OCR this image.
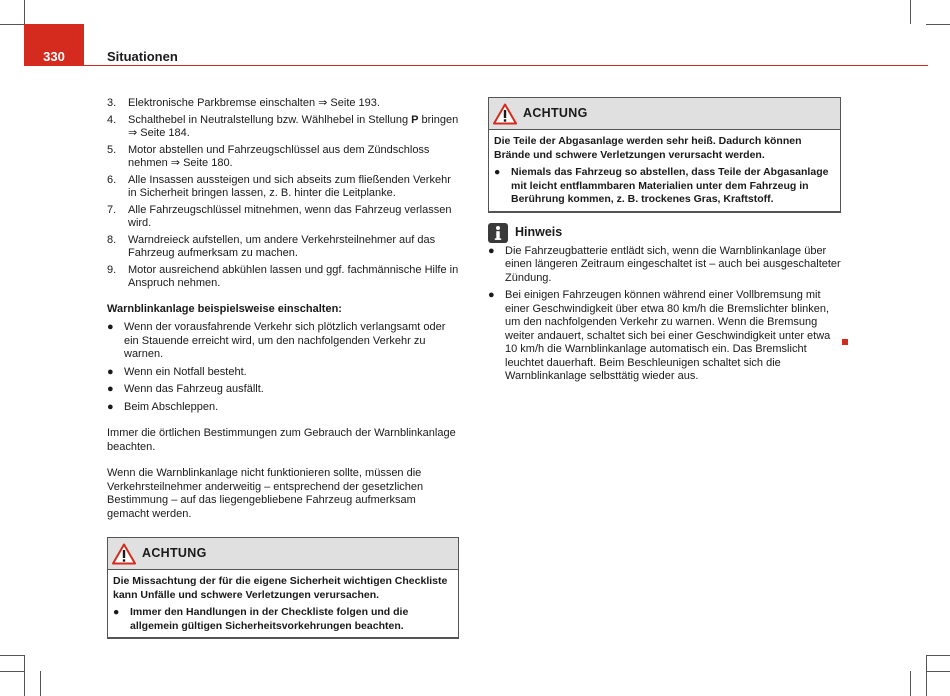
330	Situationen
3.	Elektronische Parkbremse einschalten ⇒ Seite 193.
4.	Schalthebel in Neutralstellung bzw. Wählhebel in Stellung P bringen ⇒ Seite 184.
5.	Motor abstellen und Fahrzeugschlüssel aus dem Zündschloss nehmen ⇒ Seite 180.
6.	Alle Insassen aussteigen und sich abseits zum fließenden Verkehr in Sicherheit bringen lassen, z. B. hinter die Leitplanke.
7.	Alle Fahrzeugschlüssel mitnehmen, wenn das Fahrzeug verlassen wird.
8.	Warndreieck aufstellen, um andere Verkehrsteilnehmer auf das Fahrzeug aufmerksam zu machen.
9.	Motor ausreichend abkühlen lassen und ggf. fachmännische Hilfe in Anspruch nehmen.
Warnblinkanlage beispielsweise einschalten:
● Wenn der vorausfahrende Verkehr sich plötzlich verlangsamt oder ein Stauende erreicht wird, um den nachfolgenden Verkehr zu warnen.
● Wenn ein Notfall besteht.
● Wenn das Fahrzeug ausfällt.
● Beim Abschleppen.
Immer die örtlichen Bestimmungen zum Gebrauch der Warnblinkanlage beachten.
Wenn die Warnblinkanlage nicht funktionieren sollte, müssen die Verkehrsteilnehmer anderweitig – entsprechend der gesetzlichen Bestimmung – auf das liegengebliebene Fahrzeug aufmerksam gemacht werden.
ACHTUNG
Die Missachtung der für die eigene Sicherheit wichtigen Checkliste kann Unfälle und schwere Verletzungen verursachen.
●	Immer den Handlungen in der Checkliste folgen und die allgemein gültigen Sicherheitsvorkehrungen beachten.
ACHTUNG
Die Teile der Abgasanlage werden sehr heiß. Dadurch können Brände und schwere Verletzungen verursacht werden.
●	Niemals das Fahrzeug so abstellen, dass Teile der Abgasanlage mit leicht entflammbaren Materialien unter dem Fahrzeug in Berührung kommen, z. B. trockenes Gras, Kraftstoff.
Hinweis
● Die Fahrzeugbatterie entlädt sich, wenn die Warnblinkanlage über einen längeren Zeitraum eingeschaltet ist – auch bei ausgeschalteter Zündung.
● Bei einigen Fahrzeugen können während einer Vollbremsung mit einer Geschwindigkeit über etwa 80 km/h die Bremslichter blinken, um den nachfolgenden Verkehr zu warnen. Wenn die Bremsung weiter andauert, schaltet sich bei einer Geschwindigkeit unter etwa 10 km/h die Warnblinkanlage automatisch ein. Das Bremslicht leuchtet dauerhaft. Beim Beschleunigen schaltet sich die Warnblinkanlage selbsttätig wieder aus.
